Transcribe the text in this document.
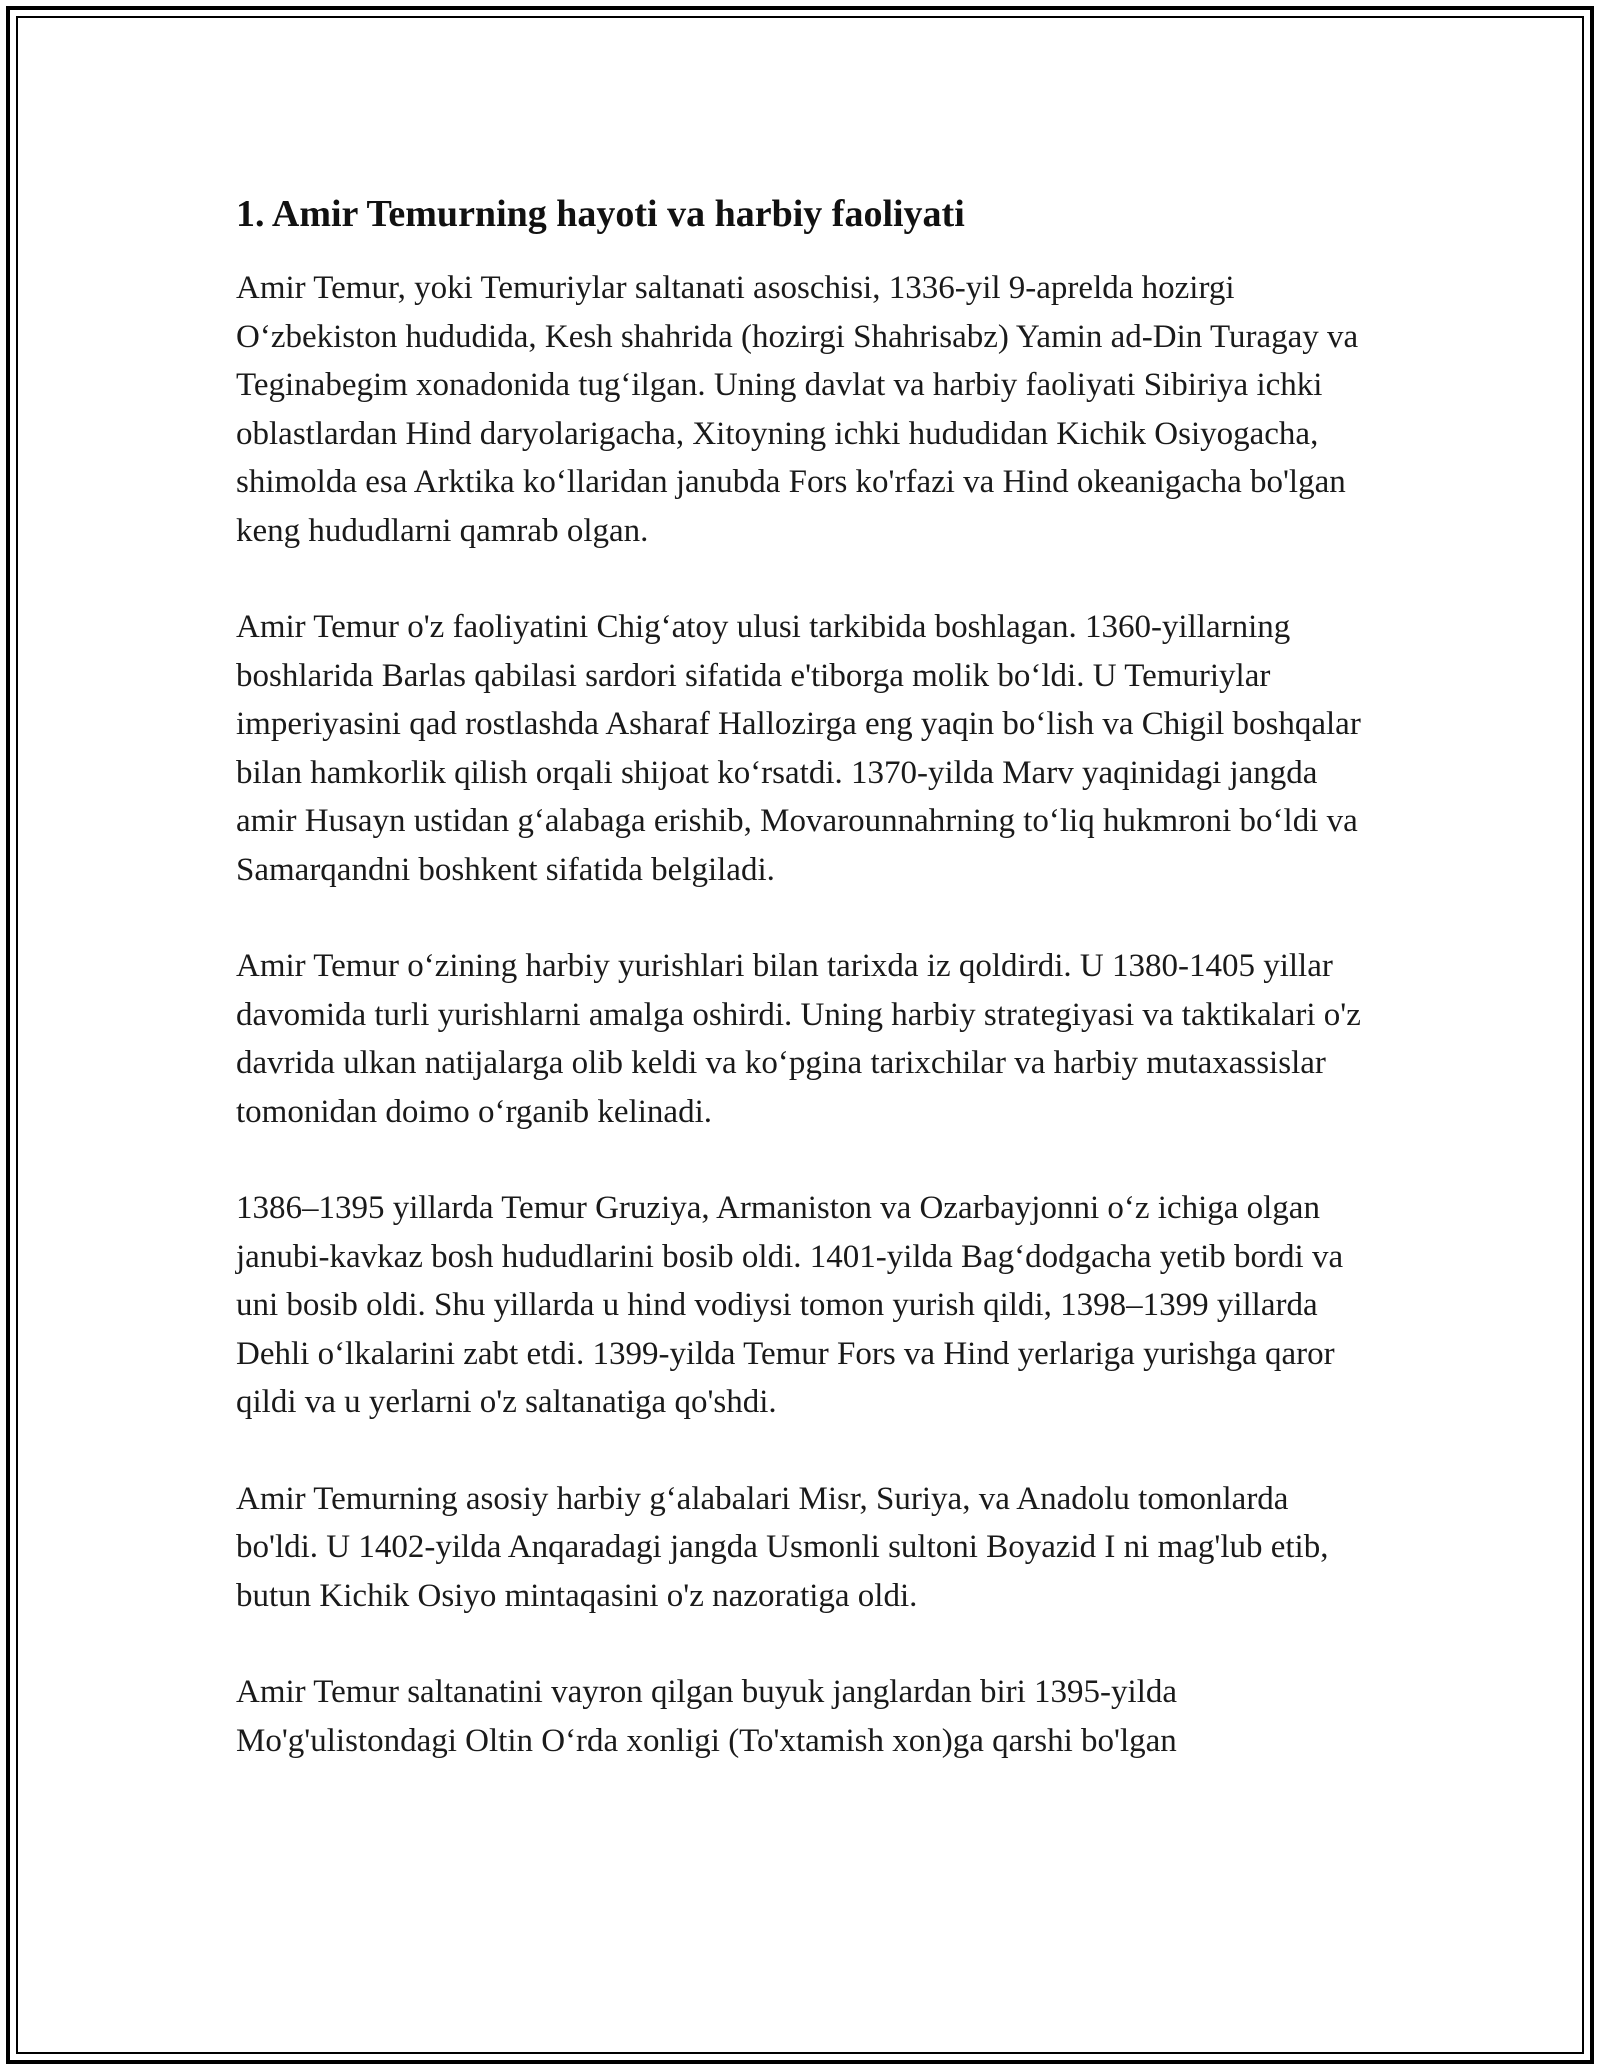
1. Amir Temurning hayoti va harbiy faoliyati

Amir Temur, yoki Temuriylar saltanati asoschisi, 1336-yil 9-aprelda hozirgi O‘zbekiston hududida, Kesh shahrida (hozirgi Shahrisabz) Yamin ad-Din Turagay va Teginabegim xonadonida tug‘ilgan. Uning davlat va harbiy faoliyati Sibiriya ichki oblastlardan Hind daryolarigacha, Xitoyning ichki hududidan Kichik Osiyogacha, shimolda esa Arktika ko‘llaridan janubda Fors ko'rfazi va Hind okeanigacha bo'lgan keng hududlarni qamrab olgan.

Amir Temur o'z faoliyatini Chig‘atoy ulusi tarkibida boshlagan. 1360-yillarning boshlarida Barlas qabilasi sardori sifatida e'tiborga molik bo‘ldi. U Temuriylar imperiyasini qad rostlashda Asharaf Hallozirga eng yaqin bo‘lish va Chigil boshqalar bilan hamkorlik qilish orqali shijoat ko‘rsatdi. 1370-yilda Marv yaqinidagi jangda amir Husayn ustidan g‘alabaga erishib, Movarounnahrning to‘liq hukmroni bo‘ldi va Samarqandni boshkent sifatida belgiladi.

Amir Temur o‘zining harbiy yurishlari bilan tarixda iz qoldirdi. U 1380-1405 yillar davomida turli yurishlarni amalga oshirdi. Uning harbiy strategiyasi va taktikalari o'z davrida ulkan natijalarga olib keldi va ko‘pgina tarixchilar va harbiy mutaxassislar tomonidan doimo o‘rganib kelinadi.

1386–1395 yillarda Temur Gruziya, Armaniston va Ozarbayjonni o‘z ichiga olgan janubi-kavkaz bosh hududlarini bosib oldi. 1401-yilda Bag‘dodgacha yetib bordi va uni bosib oldi. Shu yillarda u hind vodiysi tomon yurish qildi, 1398–1399 yillarda Dehli o‘lkalarini zabt etdi. 1399-yilda Temur Fors va Hind yerlariga yurishga qaror qildi va u yerlarni o'z saltanatiga qo'shdi.

Amir Temurning asosiy harbiy g‘alabalari Misr, Suriya, va Anadolu tomonlarda bo'ldi. U 1402-yilda Anqaradagi jangda Usmonli sultoni Boyazid I ni mag'lub etib, butun Kichik Osiyo mintaqasini o'z nazoratiga oldi.

Amir Temur saltanatini vayron qilgan buyuk janglardan biri 1395-yilda Mo'g'ulistondagi Oltin O‘rda xonligi (To'xtamish xon)ga qarshi bo'lgan
